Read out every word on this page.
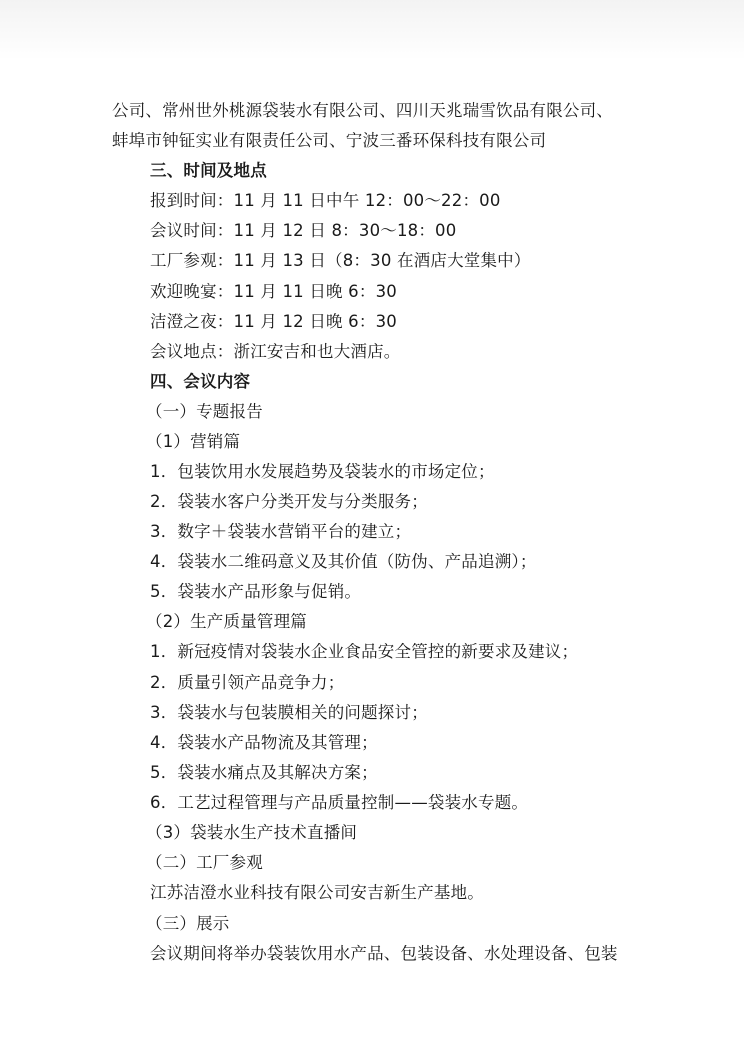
公司、常州世外桃源袋装水有限公司、四川天兆瑞雪饮品有限公司、
蚌埠市钟钲实业有限责任公司、宁波三番环保科技有限公司
三、时间及地点
报到时间：11 月 11 日中午 12：00～22：00
会议时间：11 月 12 日 8：30～18：00
工厂参观：11 月 13 日（8：30 在酒店大堂集中）
欢迎晚宴：11 月 11 日晚 6：30
洁澄之夜：11 月 12 日晚 6：30
会议地点：浙江安吉和也大酒店。
四、会议内容
（一）专题报告
（1）营销篇
1．包装饮用水发展趋势及袋装水的市场定位；
2．袋装水客户分类开发与分类服务；
3．数字＋袋装水营销平台的建立；
4．袋装水二维码意义及其价值（防伪、产品追溯）；
5．袋装水产品形象与促销。
（2）生产质量管理篇
1．新冠疫情对袋装水企业食品安全管控的新要求及建议；
2．质量引领产品竞争力；
3．袋装水与包装膜相关的问题探讨；
4．袋装水产品物流及其管理；
5．袋装水痛点及其解决方案；
6．工艺过程管理与产品质量控制——袋装水专题。
（3）袋装水生产技术直播间
（二）工厂参观
江苏洁澄水业科技有限公司安吉新生产基地。
（三）展示
会议期间将举办袋装饮用水产品、包装设备、水处理设备、包装
